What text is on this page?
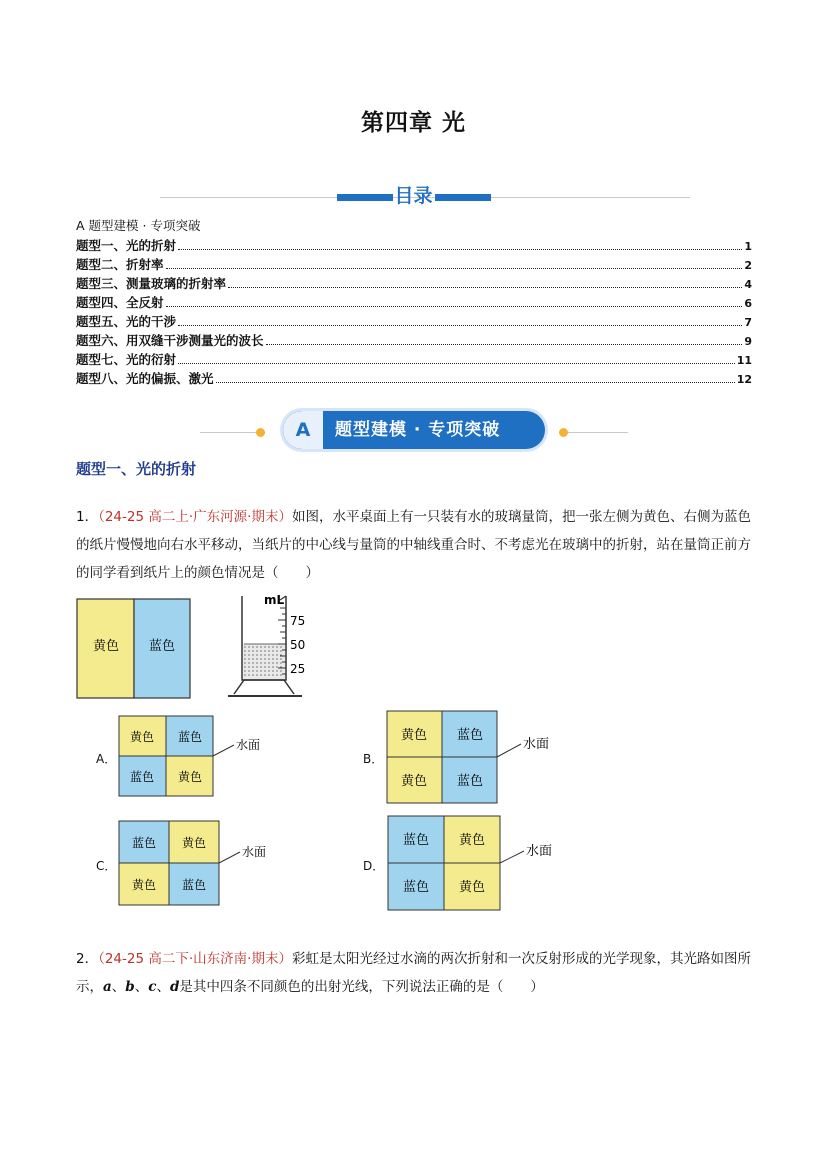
第四章 光
目录
A 题型建模 · 专项突破
题型一、光的折射	1
题型二、折射率	2
题型三、测量玻璃的折射率	4
题型四、全反射	6
题型五、光的干涉	7
题型六、用双缝干涉测量光的波长	9
题型七、光的衍射	11
题型八、光的偏振、激光	12
A	题型建模 · 专项突破
题型一、光的折射
1．（24-25 高二上·广东河源·期末）如图，水平桌面上有一只装有水的玻璃量筒，把一张左侧为黄色、右侧为蓝色的纸片慢慢地向右水平移动，当纸片的中心线与量筒的中轴线重合时、不考虑光在玻璃中的折射，站在量筒正前方的同学看到纸片上的颜色情况是（　　）
黄色 蓝色
mL
75
50
25
A．
黄色 蓝色
蓝色 黄色
水面
B．
黄色 蓝色
黄色 蓝色
水面
C．
蓝色 黄色
黄色 蓝色
水面
D．
蓝色 黄色
蓝色 黄色
水面
2．（24-25 高二下·山东济南·期末）彩虹是太阳光经过水滴的两次折射和一次反射形成的光学现象，其光路如图所示，a、b、c、d是其中四条不同颜色的出射光线，下列说法正确的是（　　）
